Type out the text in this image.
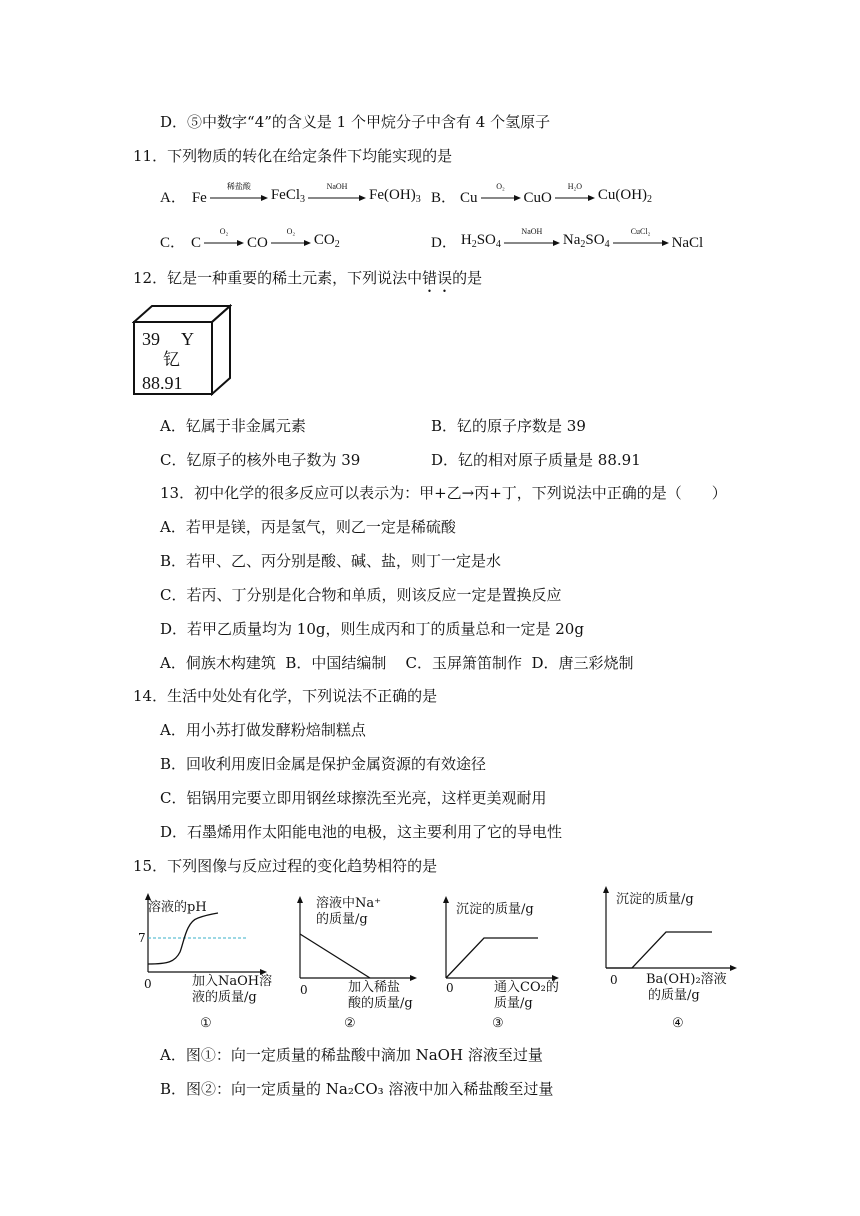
D．⑤中数字“4”的含义是 1 个甲烷分子中含有 4 个氢原子
11．下列物质的转化在给定条件下均能实现的是
A． Fe
稀盐酸
FeCl$_3$
NaOH
$Fe(OH)_3$ B． Cu
O₂
CuO
H₂O
$Cu(OH)_2$
C． C
O₂
CO
O₂
$CO_2$	D． $H_2SO_4$
NaOH
$Na_2SO_4$
CuCl₂
NaCl
12．钇是一种重要的稀土元素，下列说法中错误的是
39 Y
钇
88.91
A．钇属于非金属元素	B．钇的原子序数是 39
C．钇原子的核外电子数为 39	D．钇的相对原子质量是 88.91
13．初中化学的很多反应可以表示为：甲+乙→丙+丁，下列说法中正确的是（　　）
A．若甲是镁，丙是氢气，则乙一定是稀硫酸
B．若甲、乙、丙分别是酸、碱、盐，则丁一定是水
C．若丙、丁分别是化合物和单质，则该反应一定是置换反应
D．若甲乙质量均为 10g，则生成丙和丁的质量总和一定是 20g
A．侗族木构建筑  B．中国结编制    C．玉屏箫笛制作  D．唐三彩烧制
14．生活中处处有化学，下列说法不正确的是
A．用小苏打做发酵粉焙制糕点
B．回收利用废旧金属是保护金属资源的有效途径
C．铝锅用完要立即用钢丝球擦洗至光亮，这样更美观耐用
D．石墨烯用作太阳能电池的电极，这主要利用了它的导电性
15．下列图像与反应过程的变化趋势相符的是
溶液的pH
7
0	加入NaOH溶
液的质量/g
①
溶液中Na⁺
的质量/g
0	加入稀盐
酸的质量/g
②
沉淀的质量/g
0	通入CO₂的
质量/g
③
沉淀的质量/g
0 Ba(OH)₂溶液
的质量/g
④
A．图①：向一定质量的稀盐酸中滴加 NaOH 溶液至过量
B．图②：向一定质量的 Na₂CO₃ 溶液中加入稀盐酸至过量
